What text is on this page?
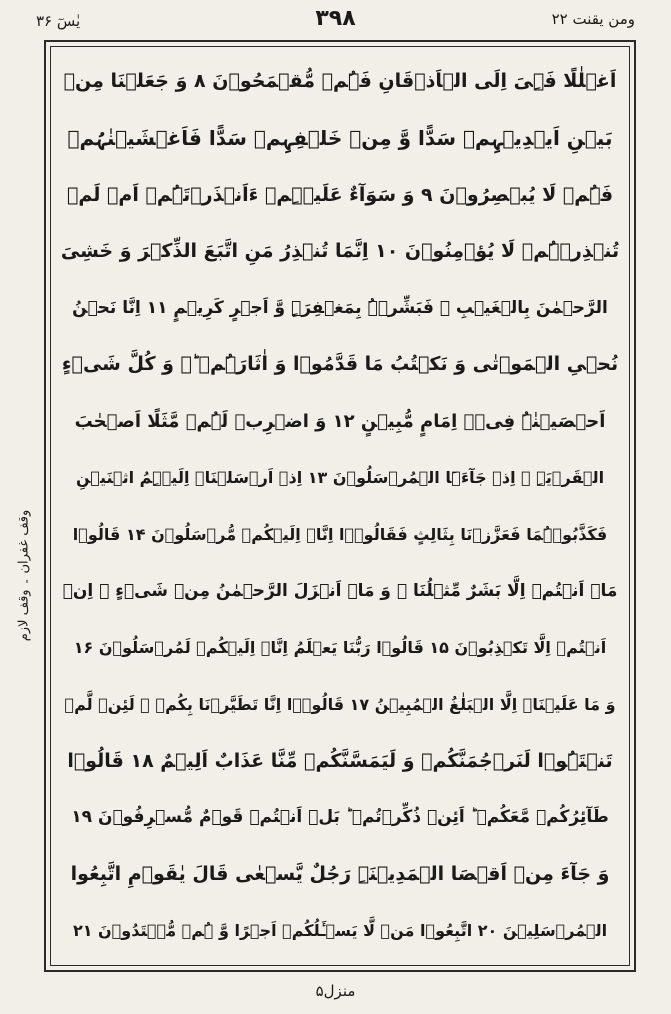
ومن یقنت ۲۲
۳۹۸
یٰسٓ ۳۶
اَغۡلٰلًا فَہِیَ اِلَی الۡاَذۡقَانِ فَہُمۡ مُّقۡمَحُوۡنَ ۸ وَ جَعَلۡنَا مِنۡ
بَیۡنِ اَیۡدِیۡہِمۡ سَدًّا وَّ مِنۡ خَلۡفِہِمۡ سَدًّا فَاَغۡشَیۡنٰہُمۡ
فَہُمۡ لَا یُبۡصِرُوۡنَ ۹ وَ سَوَآءٌ عَلَیۡہِمۡ ءَاَنۡذَرۡتَہُمۡ اَمۡ لَمۡ
تُنۡذِرۡہُمۡ لَا یُؤۡمِنُوۡنَ ۱۰ اِنَّمَا تُنۡذِرُ مَنِ اتَّبَعَ الذِّکۡرَ وَ خَشِیَ
الرَّحۡمٰنَ بِالۡغَیۡبِ ۚ فَبَشِّرۡہُ بِمَغۡفِرَۃٍ وَّ اَجۡرٍ کَرِیۡمٍ ۱۱ اِنَّا نَحۡنُ
نُحۡیِ الۡمَوۡتٰی وَ نَکۡتُبُ مَا قَدَّمُوۡا وَ اٰثَارَہُمۡ ؕۛ وَ کُلَّ شَیۡءٍ
اَحۡصَیۡنٰہُ فِیۡۤ اِمَامٍ مُّبِیۡنٍ ۱۲ وَ اضۡرِبۡ لَہُمۡ مَّثَلًا اَصۡحٰبَ
الۡقَرۡیَۃِ ۘ اِذۡ جَآءَہَا الۡمُرۡسَلُوۡنَ ۱۳ اِذۡ اَرۡسَلۡنَاۤ اِلَیۡہِمُ اثۡنَیۡنِ
فَکَذَّبُوۡہُمَا فَعَزَّزۡنَا بِثَالِثٍ فَقَالُوۡۤا اِنَّاۤ اِلَیۡکُمۡ مُّرۡسَلُوۡنَ ۱۴ قَالُوۡا
مَاۤ اَنۡتُمۡ اِلَّا بَشَرٌ مِّثۡلُنَا ۙ وَ مَاۤ اَنۡزَلَ الرَّحۡمٰنُ مِنۡ شَیۡءٍ ۙ اِنۡ
اَنۡتُمۡ اِلَّا تَکۡذِبُوۡنَ ۱۵ قَالُوۡا رَبُّنَا یَعۡلَمُ اِنَّاۤ اِلَیۡکُمۡ لَمُرۡسَلُوۡنَ ۱۶
وَ مَا عَلَیۡنَاۤ اِلَّا الۡبَلٰغُ الۡمُبِیۡنُ ۱۷ قَالُوۡۤا اِنَّا تَطَیَّرۡنَا بِکُمۡ ۚ لَئِنۡ لَّمۡ
تَنۡتَہُوۡا لَنَرۡجُمَنَّکُمۡ وَ لَیَمَسَّنَّکُمۡ مِّنَّا عَذَابٌ اَلِیۡمٌ ۱۸ قَالُوۡا
طَآئِرُکُمۡ مَّعَکُمۡ ؕ اَئِنۡ ذُکِّرۡتُمۡ ؕ بَلۡ اَنۡتُمۡ قَوۡمٌ مُّسۡرِفُوۡنَ ۱۹
وَ جَآءَ مِنۡ اَقۡصَا الۡمَدِیۡنَۃِ رَجُلٌ یَّسۡعٰی قَالَ یٰقَوۡمِ اتَّبِعُوا
الۡمُرۡسَلِیۡنَ ۲۰ اتَّبِعُوۡا مَنۡ لَّا یَسۡـَٔلُکُمۡ اَجۡرًا وَّ ہُمۡ مُّہۡتَدُوۡنَ ۲۱
وقف غفران ۔ وقف لازم
منزل۵
